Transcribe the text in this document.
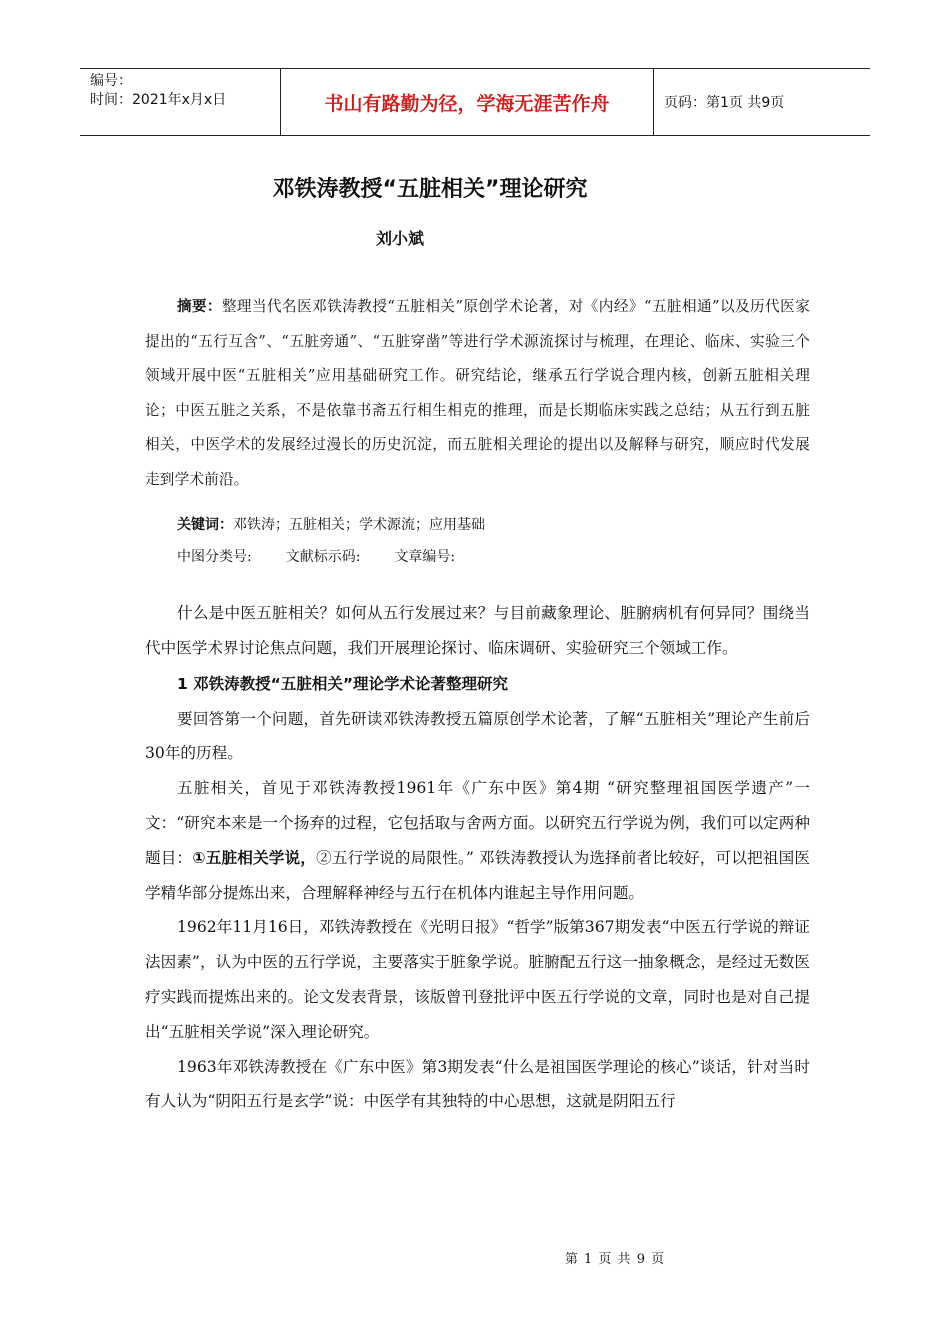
编号：
时间：2021年x月x日	书山有路勤为径，学海无涯苦作舟	页码：第1页 共9页
邓铁涛教授“五脏相关”理论研究
刘小斌

摘要：整理当代名医邓铁涛教授“五脏相关”原创学术论著，对《内经》“五脏相通”以及历代医家提出的“五行互含”、“五脏旁通”、“五脏穿凿”等进行学术源流探讨与梳理，在理论、临床、实验三个领域开展中医“五脏相关”应用基础研究工作。研究结论，继承五行学说合理内核，创新五脏相关理论；中医五脏之关系，不是依靠书斋五行相生相克的推理，而是长期临床实践之总结；从五行到五脏相关，中医学术的发展经过漫长的历史沉淀，而五脏相关理论的提出以及解释与研究，顺应时代发展走到学术前沿。

关键词：邓铁涛；五脏相关；学术源流；应用基础
中图分类号: 文献标示码: 文章编号:

什么是中医五脏相关？如何从五行发展过来？与目前藏象理论、脏腑病机有何异同？围绕当代中医学术界讨论焦点问题，我们开展理论探讨、临床调研、实验研究三个领域工作。

1 邓铁涛教授“五脏相关”理论学术论著整理研究

要回答第一个问题，首先研读邓铁涛教授五篇原创学术论著，了解“五脏相关”理论产生前后30年的历程。

五脏相关，首见于邓铁涛教授1961年《广东中医》第4期 “研究整理祖国医学遗产”一文：“研究本来是一个扬弃的过程，它包括取与舍两方面。以研究五行学说为例，我们可以定两种题目：①五脏相关学说，②五行学说的局限性。” 邓铁涛教授认为选择前者比较好，可以把祖国医学精华部分提炼出来，合理解释神经与五行在机体内谁起主导作用问题。

1962年11月16日，邓铁涛教授在《光明日报》“哲学”版第367期发表“中医五行学说的辩证法因素”，认为中医的五行学说，主要落实于脏象学说。脏腑配五行这一抽象概念，是经过无数医疗实践而提炼出来的。论文发表背景，该版曾刊登批评中医五行学说的文章，同时也是对自己提出“五脏相关学说”深入理论研究。

1963年邓铁涛教授在《广东中医》第3期发表“什么是祖国医学理论的核心”谈话，针对当时有人认为“阴阳五行是玄学”说：中医学有其独特的中心思想，这就是阴阳五行

第 1 页 共 9 页
